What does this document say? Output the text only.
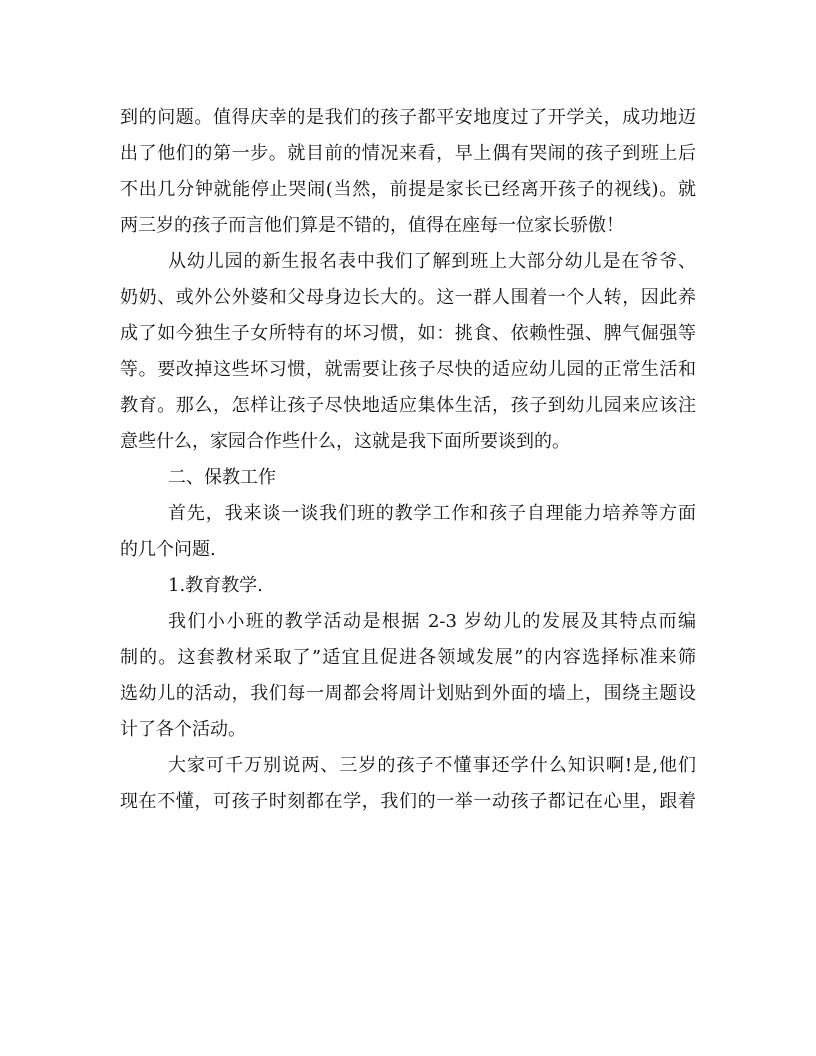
到的问题。值得庆幸的是我们的孩子都平安地度过了开学关，成功地迈
出了他们的第一步。就目前的情况来看，早上偶有哭闹的孩子到班上后
不出几分钟就能停止哭闹(当然，前提是家长已经离开孩子的视线)。就
两三岁的孩子而言他们算是不错的，值得在座每一位家长骄傲！
从幼儿园的新生报名表中我们了解到班上大部分幼儿是在爷爷、
奶奶、或外公外婆和父母身边长大的。这一群人围着一个人转，因此养
成了如今独生子女所特有的坏习惯，如：挑食、依赖性强、脾气倔强等
等。要改掉这些坏习惯，就需要让孩子尽快的适应幼儿园的正常生活和
教育。那么，怎样让孩子尽快地适应集体生活，孩子到幼儿园来应该注
意些什么，家园合作些什么，这就是我下面所要谈到的。
二、保教工作
首先，我来谈一谈我们班的教学工作和孩子自理能力培养等方面
的几个问题.
1.教育教学.
我们小小班的教学活动是根据 2-3 岁幼儿的发展及其特点而编
制的。这套教材采取了”适宜且促进各领域发展”的内容选择标准来筛
选幼儿的活动，我们每一周都会将周计划贴到外面的墙上，围绕主题设
计了各个活动。
大家可千万别说两、三岁的孩子不懂事还学什么知识啊!是,他们
现在不懂，可孩子时刻都在学，我们的一举一动孩子都记在心里，跟着
